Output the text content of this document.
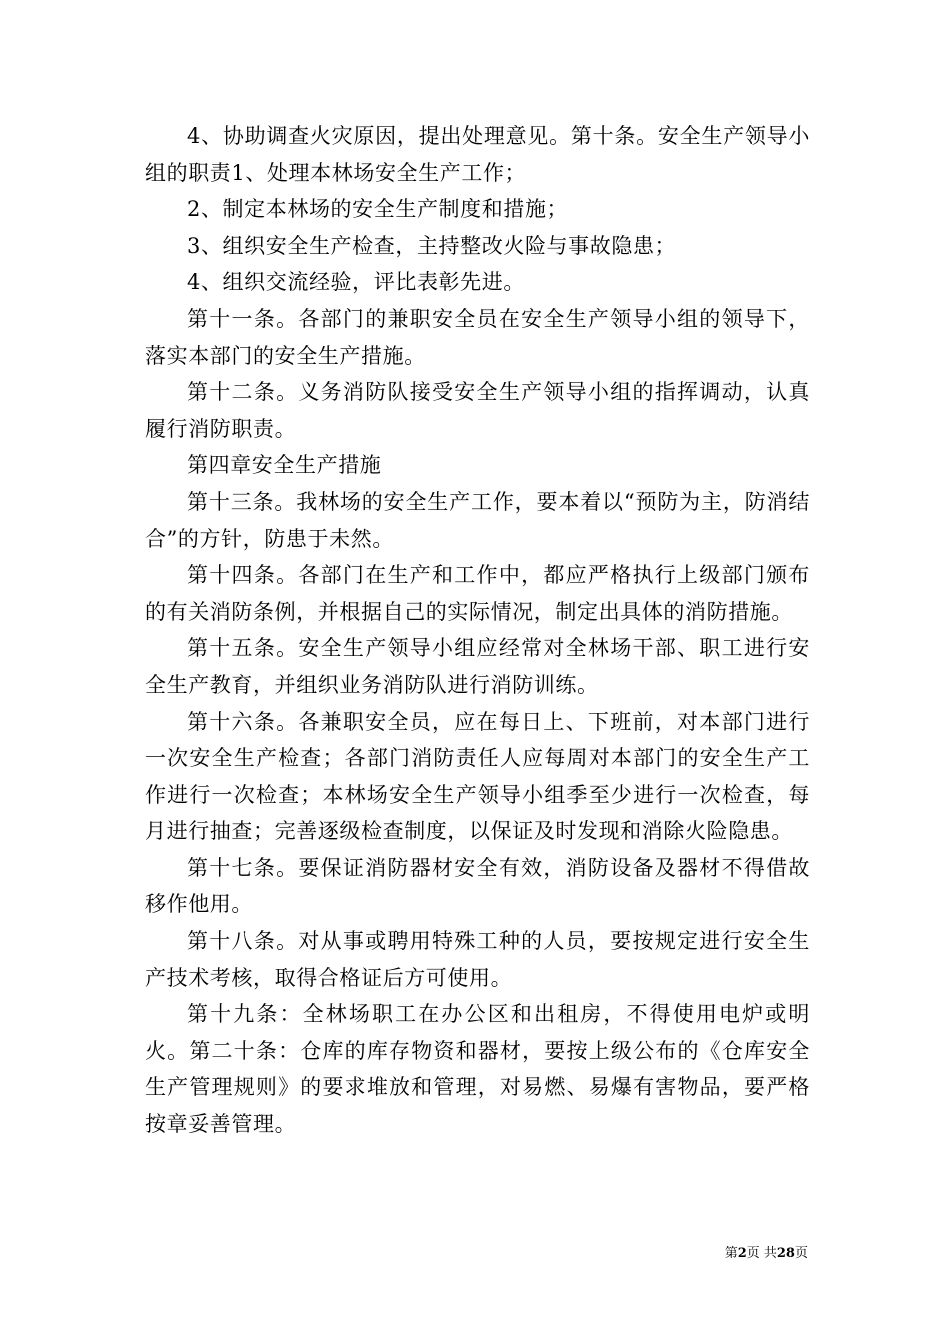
4、协助调查火灾原因，提出处理意见。第十条。安全生产领导小组的职责1、处理本林场安全生产工作；

2、制定本林场的安全生产制度和措施；

3、组织安全生产检查，主持整改火险与事故隐患；

4、组织交流经验，评比表彰先进。

第十一条。各部门的兼职安全员在安全生产领导小组的领导下，落实本部门的安全生产措施。

第十二条。义务消防队接受安全生产领导小组的指挥调动，认真履行消防职责。

第四章安全生产措施

第十三条。我林场的安全生产工作，要本着以“预防为主，防消结合”的方针，防患于未然。

第十四条。各部门在生产和工作中，都应严格执行上级部门颁布的有关消防条例，并根据自己的实际情况，制定出具体的消防措施。

第十五条。安全生产领导小组应经常对全林场干部、职工进行安全生产教育，并组织业务消防队进行消防训练。

第十六条。各兼职安全员，应在每日上、下班前，对本部门进行一次安全生产检查；各部门消防责任人应每周对本部门的安全生产工作进行一次检查；本林场安全生产领导小组季至少进行一次检查，每月进行抽查；完善逐级检查制度，以保证及时发现和消除火险隐患。

第十七条。要保证消防器材安全有效，消防设备及器材不得借故移作他用。

第十八条。对从事或聘用特殊工种的人员，要按规定进行安全生产技术考核，取得合格证后方可使用。

第十九条：全林场职工在办公区和出租房，不得使用电炉或明火。第二十条：仓库的库存物资和器材，要按上级公布的《仓库安全生产管理规则》的要求堆放和管理，对易燃、易爆有害物品，要严格按章妥善管理。

第2页 共28页
